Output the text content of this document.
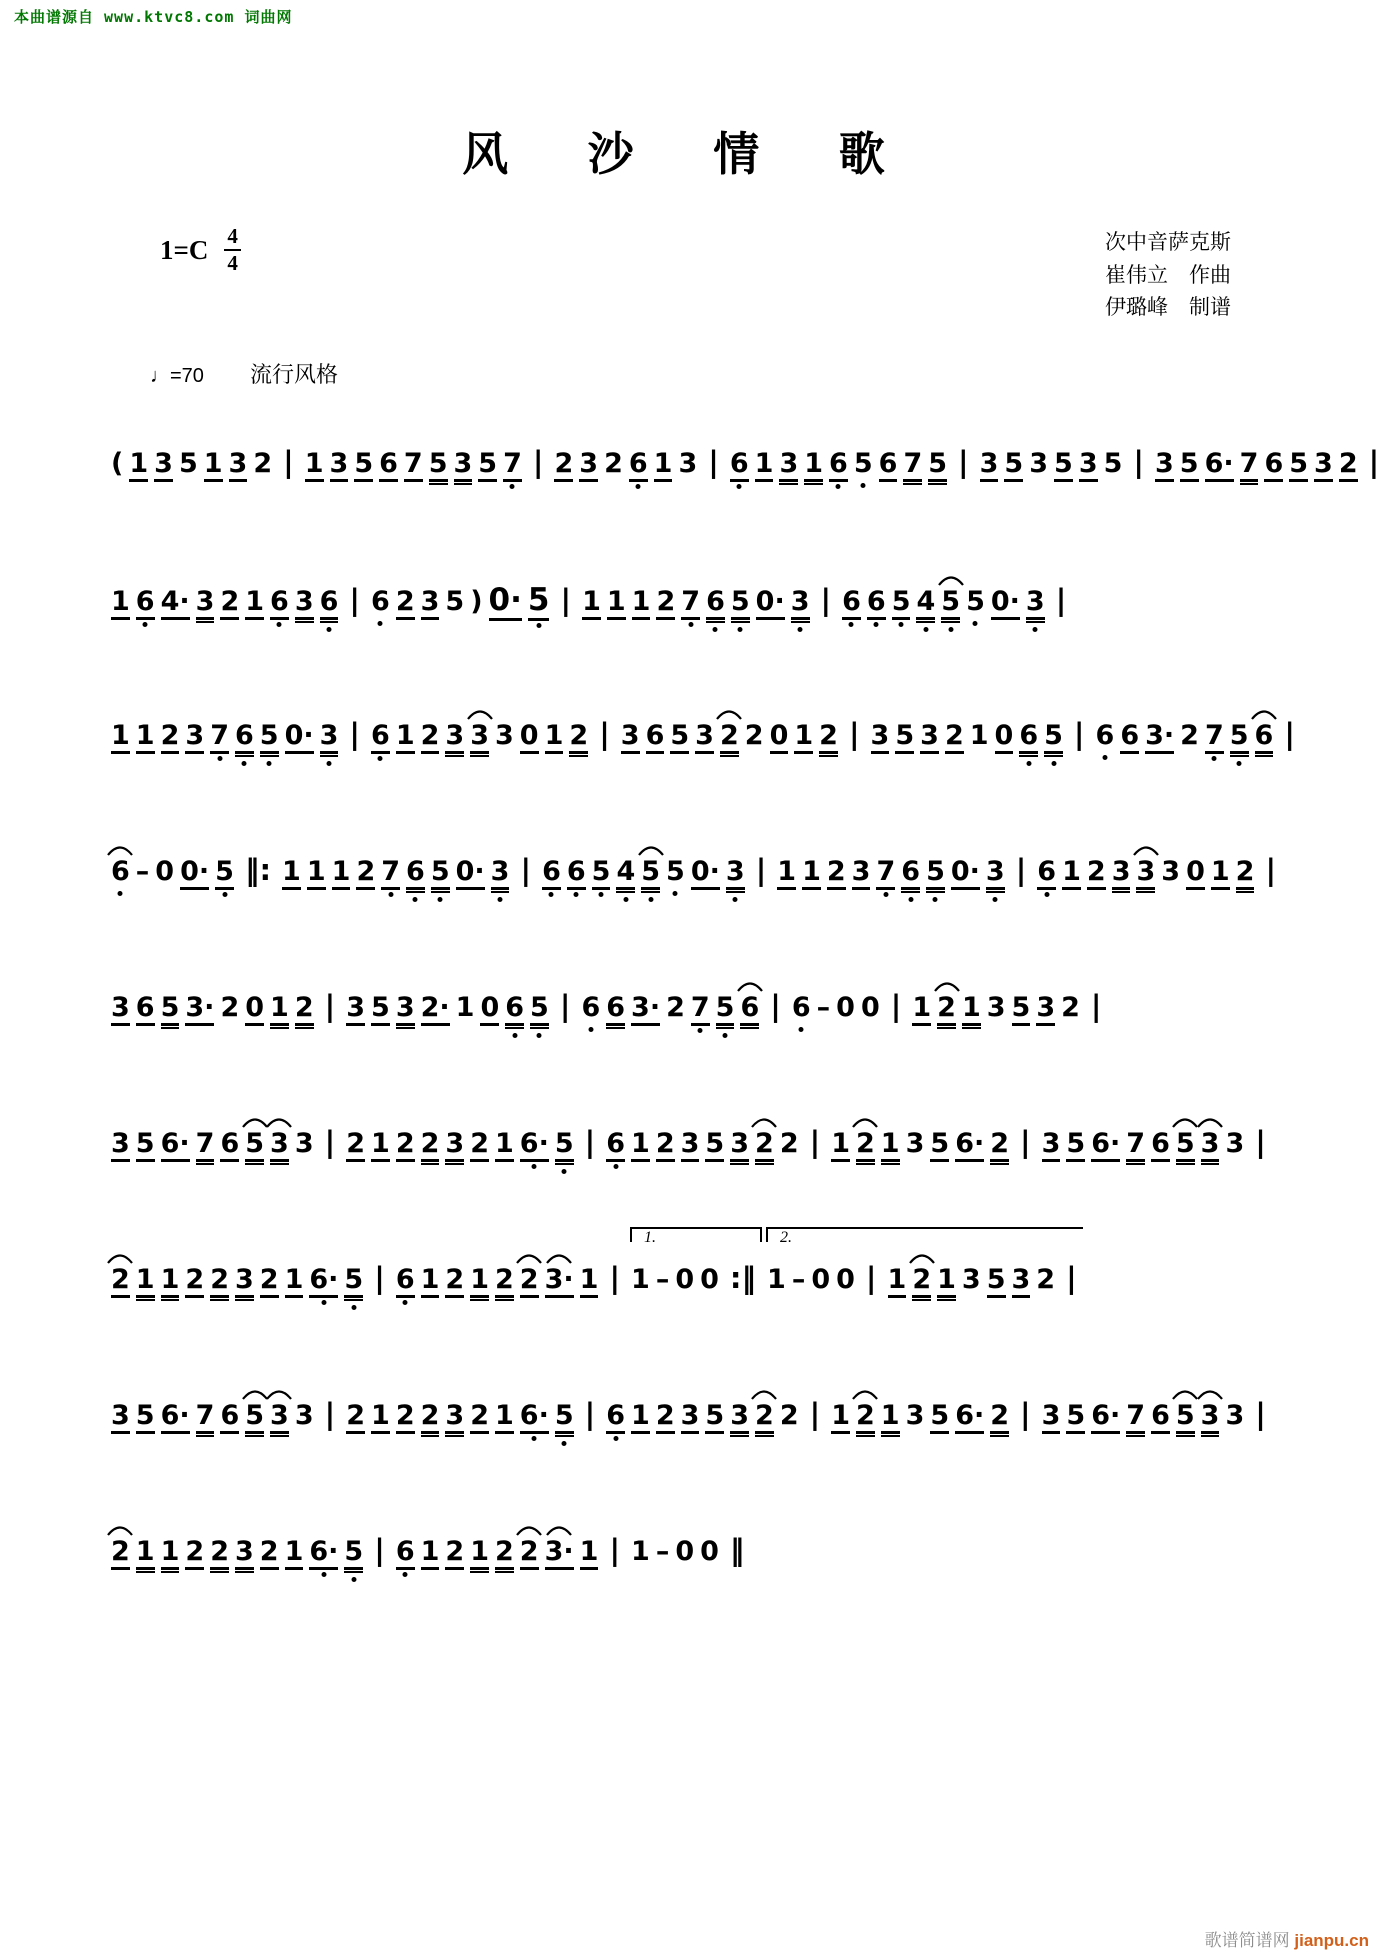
本曲谱源自 www.ktvc8.com 词曲网
风 沙 情 歌
$1=C \frac{4}{4}$	次中音萨克斯
崔伟立　作曲
伊璐峰　制谱
♩=70 流行风格
( 1 3 5 1 3 2 | 1 3 5 6 7 5 3 5 7 | 2 3 2 6 1 3 | 6 1 3 1 6 5 6 7 5 | 3 5 3 5 3 5 | 3 5 6· 7 6 5 3 2 |
1 6 4· 3 2 1 6 3 6 | 6 2 3 5 ) 0· 5 | 1 1 1 2 7 6 5 0· 3 | 6 6 5 4 5 5 0· 3 |
1 1 2 3 7 6 5 0· 3 | 6 1 2 3 3 3 0 1 2 | 3 6 5 3 2 2 0 1 2 | 3 5 3 2 1 0 6 5 | 6 6 3· 2 7 5 6 |
6 – 0 0· 5 ‖: 1 1 1 2 7 6 5 0· 3 | 6 6 5 4 5 5 0· 3 | 1 1 2 3 7 6 5 0· 3 | 6 1 2 3 3 3 0 1 2 |
3 6 5 3· 2 0 1 2 | 3 5 3 2· 1 0 6 5 | 6 6 3· 2 7 5 6 | 6 – 0 0 | 1 2 1 3 5 3 2 |
3 5 6· 7 6 5 3 3 | 2 1 2 2 3 2 1 6· 5 | 6 1 2 3 5 3 2 2 | 1 2 1 3 5 6· 2 | 3 5 6· 7 6 5 3 3 |
2 1 1 2 2 3 2 1 6· 5 | 6 1 2 1 2 2 3· 1 |
1.
1 – 0 0 :‖
2.
1 – 0 0 | 1 2 1 3 5 3 2 |
3 5 6· 7 6 5 3 3 | 2 1 2 2 3 2 1 6· 5 | 6 1 2 3 5 3 2 2 | 1 2 1 3 5 6· 2 | 3 5 6· 7 6 5 3 3 |
2 1 1 2 2 3 2 1 6· 5 | 6 1 2 1 2 2 3· 1 | 1 – 0 0 ‖
歌谱简谱网 jianpu.cn
